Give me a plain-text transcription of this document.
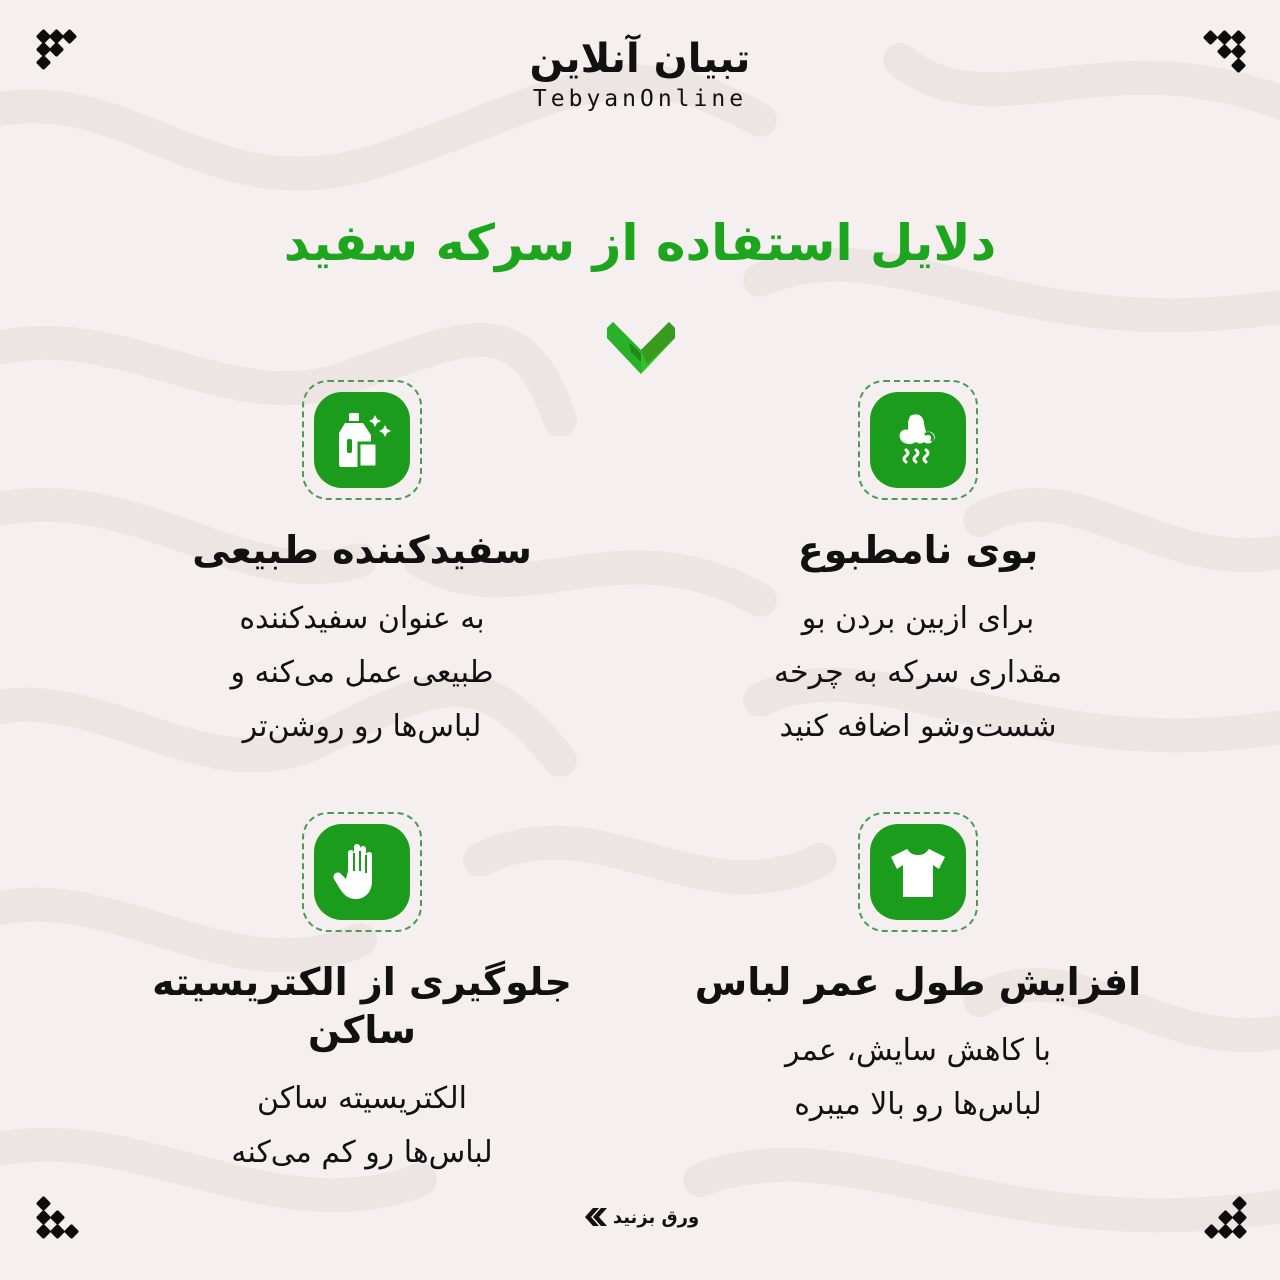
تبیان آنلاین
TebyanOnline
دلایل استفاده از سرکه سفید
بوی نامطبوع
برای ازبین بردن بو
مقداری سرکه به چرخه
شست‌وشو اضافه کنید
سفیدکننده طبیعی
به عنوان سفیدکننده
طبیعی عمل می‌کنه و
لباس‌ها رو روشن‌تر
افزایش طول عمر لباس
با کاهش سایش، عمر
لباس‌ها رو بالا میبره
جلوگیری از الکتریسیته ساکن
الکتریسیته ساکن
لباس‌ها رو کم می‌کنه
ورق بزنید
